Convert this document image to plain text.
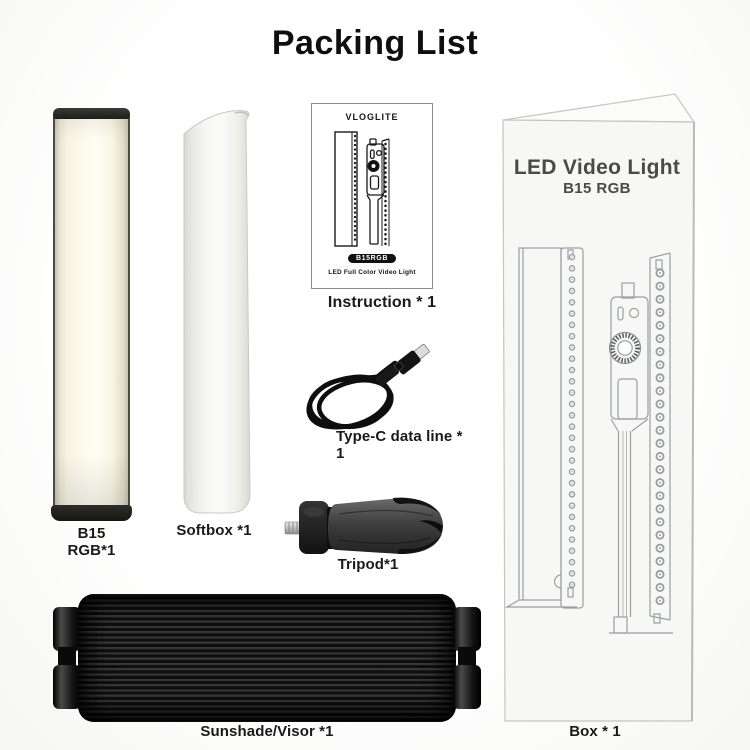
Packing List
B15 RGB*1
Softbox *1
VLOGLITE
B15RGB
LED Full Color Video Light
Instruction * 1
Type-C data line * 1
Tripod*1
LED Video Light
B15 RGB
Box * 1
Sunshade/Visor *1
